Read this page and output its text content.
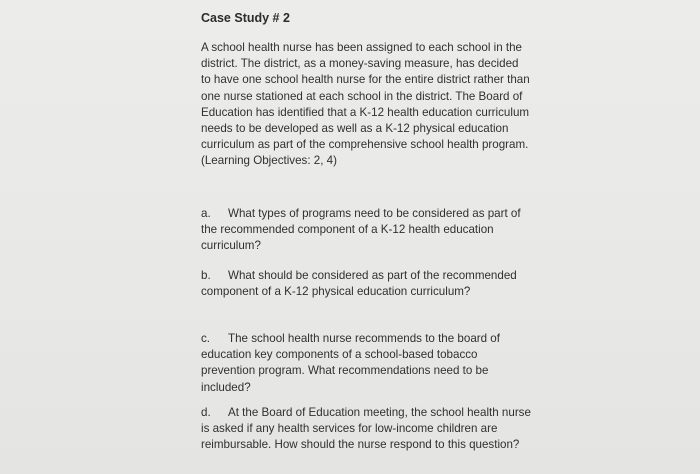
Case Study # 2
A school health nurse has been assigned to each school in the district. The district, as a money-saving measure, has decided to have one school health nurse for the entire district rather than one nurse stationed at each school in the district. The Board of Education has identified that a K-12 health education curriculum needs to be developed as well as a K-12 physical education curriculum as part of the comprehensive school health program. (Learning Objectives: 2, 4)
a. What types of programs need to be considered as part of the recommended component of a K-12 health education curriculum?
b. What should be considered as part of the recommended component of a K-12 physical education curriculum?
c. The school health nurse recommends to the board of education key components of a school-based tobacco prevention program. What recommendations need to be included?
d. At the Board of Education meeting, the school health nurse is asked if any health services for low-income children are reimbursable. How should the nurse respond to this question?
